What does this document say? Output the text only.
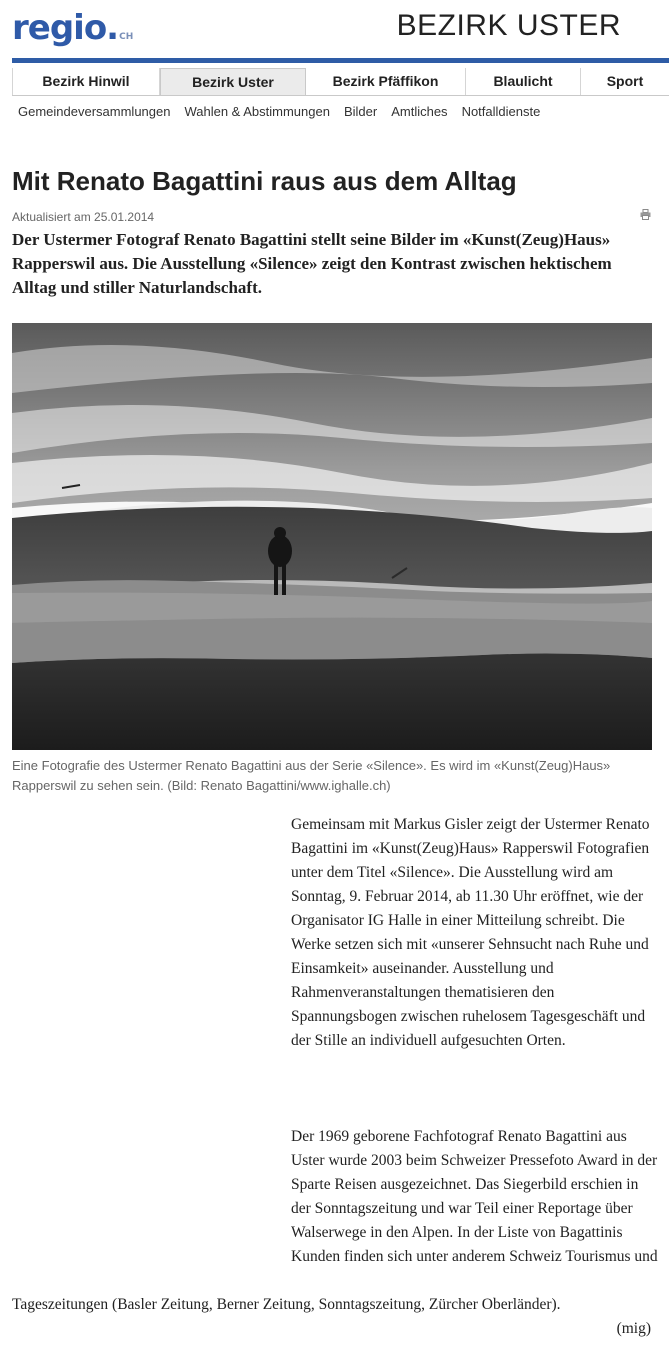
regio.CH	BEZIRK USTER
Bezirk Hinwil	Bezirk Uster	Bezirk Pfäffikon	Blaulicht	Sport
Gemeindeversammlungen Wahlen & Abstimmungen Bilder Amtliches Notfalldienste
Mit Renato Bagattini raus aus dem Alltag
Aktualisiert am 25.01.2014

Der Ustermer Fotograf Renato Bagattini stellt seine Bilder im «Kunst(Zeug)Haus» Rapperswil aus. Die Ausstellung «Silence» zeigt den Kontrast zwischen hektischem Alltag und stiller Naturlandschaft.

Eine Fotografie des Ustermer Renato Bagattini aus der Serie «Silence». Es wird im «Kunst(Zeug)Haus» Rapperswil zu sehen sein. (Bild: Renato Bagattini/www.ighalle.ch)

Gemeinsam mit Markus Gisler zeigt der Ustermer Renato Bagattini im «Kunst(Zeug)Haus» Rapperswil Fotografien unter dem Titel «Silence». Die Ausstellung wird am Sonntag, 9. Februar 2014, ab 11.30 Uhr eröffnet, wie der Organisator IG Halle in einer Mitteilung schreibt. Die Werke setzen sich mit «unserer Sehnsucht nach Ruhe und Einsamkeit» auseinander. Ausstellung und Rahmenveranstaltungen thematisieren den Spannungsbogen zwischen ruhelosem Tagesgeschäft und der Stille an individuell aufgesuchten Orten.

Der 1969 geborene Fachfotograf Renato Bagattini aus Uster wurde 2003 beim Schweizer Pressefoto Award in der Sparte Reisen ausgezeichnet. Das Siegerbild erschien in der Sonntagszeitung und war Teil einer Reportage über Walserwege in den Alpen. In der Liste von Bagattinis Kunden finden sich unter anderem Schweiz Tourismus und

Tageszeitungen (Basler Zeitung, Berner Zeitung, Sonntagszeitung, Zürcher Oberländer).

(mig)
